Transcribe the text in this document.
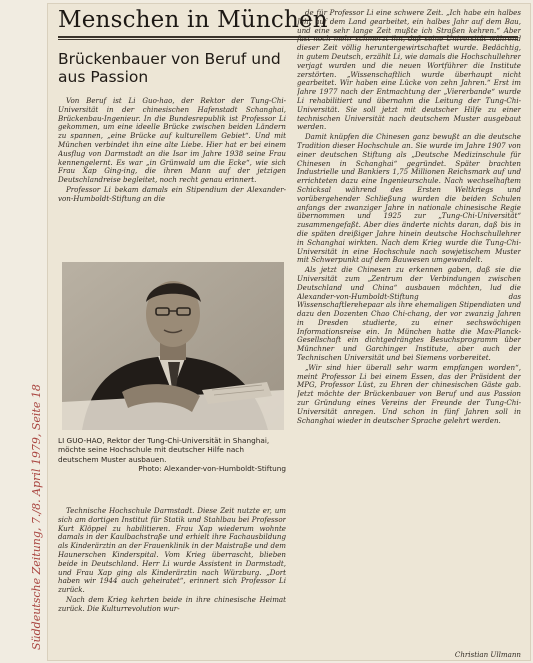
Menschen in München
Brückenbauer von Beruf und aus Passion

Von Beruf ist Li Guo-hao, der Rektor der Tung-Chi-Universität in der chinesischen Hafenstadt Schanghai, Brückenbau-Ingenieur. In die Bundesrepublik ist Professor Li gekommen, um eine ideelle Brücke zwischen beiden Ländern zu spannen, „eine Brücke auf kulturellem Gebiet“. Und mit München verbindet ihn eine alte Liebe. Hier hat er bei einem Ausflug von Darmstadt an die Isar im Jahre 1938 seine Frau kennengelernt. Es war „in Grünwald um die Ecke“, wie sich Frau Xap Ging-ing, die ihren Mann auf der jetzigen Deutschlandreise begleitet, noch recht genau erinnert.

Professor Li bekam damals ein Stipendium der Alexander-von-Humboldt-Stiftung an die

LI GUO-HAO, Rektor der Tung-Chi-Universität in Shanghai, möchte seine Hochschule mit deutscher Hilfe nach deutschem Muster ausbauen.
Photo: Alexander-von-Humboldt-Stiftung

Technische Hochschule Darmstadt. Diese Zeit nutzte er, um sich am dortigen Institut für Statik und Stahlbau bei Professor Kurt Klöppel zu habilitieren. Frau Xap wiederum wohnte damals in der Kaulbachstraße und erhielt ihre Fachausbildung als Kinderärztin an der Frauenklinik in der Maistraße und dem Haunerschen Kinderspital. Vom Krieg überrascht, blieben beide in Deutschland. Herr Li wurde Assistent in Darmstadt, und Frau Xap ging als Kinderärztin nach Würzburg. „Dort haben wir 1944 auch geheiratet“, erinnert sich Professor Li zurück.

Nach dem Krieg kehrten beide in ihre chinesische Heimat zurück. Die Kulturrevolution wur-

de für Professor Li eine schwere Zeit. „Ich habe ein halbes Jahr auf dem Land gearbeitet, ein halbes Jahr auf dem Bau, und eine sehr lange Zeit mußte ich Straßen kehren.“ Aber fast noch mehr schmerzt ihn, daß seine Universität während dieser Zeit völlig heruntergewirtschaftet wurde. Bedächtig, in gutem Deutsch, erzählt Li, wie damals die Hochschullehrer verjagt wurden und die neuen Wortführer die Institute zerstörten. „Wissenschaftlich wurde überhaupt nicht gearbeitet. Wir haben eine Lücke von zehn Jahren.“ Erst im Jahre 1977 nach der Entmachtung der „Viererbande“ wurde Li rehabilitiert und übernahm die Leitung der Tung-Chi-Universität. Sie soll jetzt mit deutscher Hilfe zu einer technischen Universität nach deutschem Muster ausgebaut werden.

Damit knüpfen die Chinesen ganz bewußt an die deutsche Tradition dieser Hochschule an. Sie wurde im Jahre 1907 von einer deutschen Stiftung als „Deutsche Medizinschule für Chinesen in Schanghai“ gegründet. Später brachten Industrielle und Bankiers 1,75 Millionen Reichsmark auf und errichteten dazu eine Ingenieurschule. Nach wechselhaftem Schicksal während des Ersten Weltkriegs und vorübergehender Schließung wurden die beiden Schulen anfangs der zwanziger Jahre in nationale chinesische Regie übernommen und 1925 zur „Tung-Chi-Universität“ zusammengefaßt. Aber dies änderte nichts daran, daß bis in die späten dreißiger Jahre hinein deutsche Hochschullehrer in Schanghai wirkten. Nach dem Krieg wurde die Tung-Chi-Universität in eine Hochschule nach sowjetischem Muster mit Schwerpunkt auf dem Bauwesen umgewandelt.

Als jetzt die Chinesen zu erkennen gaben, daß sie die Universität zum „Zentrum der Verbindungen zwischen Deutschland und China“ ausbauen möchten, lud die Alexander-von-Humboldt-Stiftung das Wissenschaftlerehepaar als ihre ehemaligen Stipendiaten und dazu den Dozenten Chao Chi-chang, der vor zwanzig Jahren in Dresden studierte, zu einer sechswöchigen Informationsreise ein. In München hatte die Max-Planck-Gesellschaft ein dichtgedrängtes Besuchsprogramm über Münchner und Garchinger Institute, aber auch der Technischen Universität und bei Siemens vorbereitet.

„Wir sind hier überall sehr warm empfangen worden“, meint Professor Li bei einem Essen, das der Präsident der MPG, Professor Lüst, zu Ehren der chinesischen Gäste gab. Jetzt möchte der Brückenbauer von Beruf und aus Passion zur Gründung eines Vereins der Freunde der Tung-Chi-Universität anregen. Und schon in fünf Jahren soll in Schanghai wieder in deutscher Sprache gelehrt werden.

Christian Ullmann
Süddeutsche Zeitung, 7./8. April 1979, Seite 18
